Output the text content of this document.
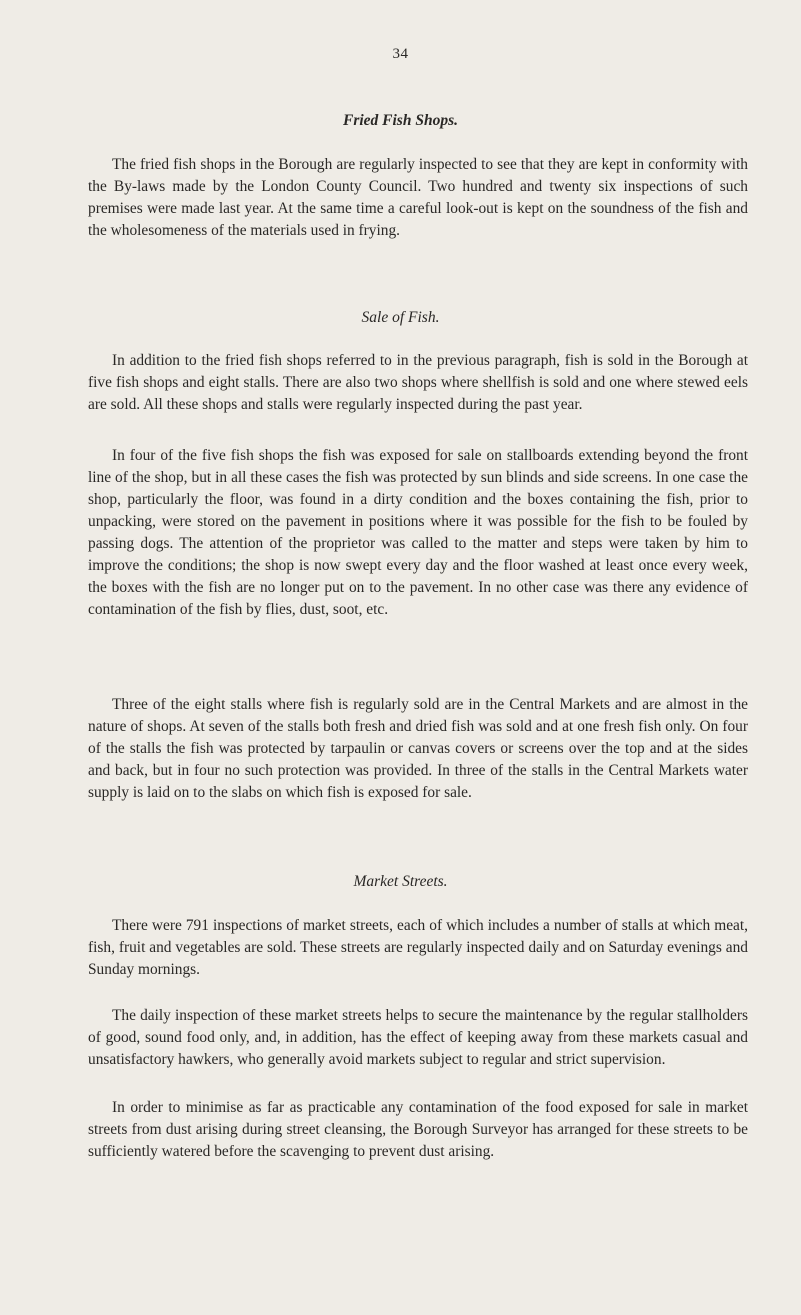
34
Fried Fish Shops.

The fried fish shops in the Borough are regularly inspected to see that they are kept in conformity with the By-laws made by the London County Council. Two hundred and twenty six inspections of such premises were made last year. At the same time a careful look-out is kept on the soundness of the fish and the wholesomeness of the materials used in frying.

Sale of Fish.

In addition to the fried fish shops referred to in the previous paragraph, fish is sold in the Borough at five fish shops and eight stalls. There are also two shops where shellfish is sold and one where stewed eels are sold. All these shops and stalls were regularly inspected during the past year.

In four of the five fish shops the fish was exposed for sale on stallboards extending beyond the front line of the shop, but in all these cases the fish was protected by sun blinds and side screens. In one case the shop, particularly the floor, was found in a dirty condition and the boxes containing the fish, prior to unpacking, were stored on the pavement in positions where it was possible for the fish to be fouled by passing dogs. The attention of the proprietor was called to the matter and steps were taken by him to improve the conditions; the shop is now swept every day and the floor washed at least once every week, the boxes with the fish are no longer put on to the pavement. In no other case was there any evidence of contamination of the fish by flies, dust, soot, etc.

Three of the eight stalls where fish is regularly sold are in the Central Markets and are almost in the nature of shops. At seven of the stalls both fresh and dried fish was sold and at one fresh fish only. On four of the stalls the fish was protected by tarpaulin or canvas covers or screens over the top and at the sides and back, but in four no such protection was provided. In three of the stalls in the Central Markets water supply is laid on to the slabs on which fish is exposed for sale.

Market Streets.

There were 791 inspections of market streets, each of which includes a number of stalls at which meat, fish, fruit and vegetables are sold. These streets are regularly inspected daily and on Saturday evenings and Sunday mornings.

The daily inspection of these market streets helps to secure the maintenance by the regular stallholders of good, sound food only, and, in addition, has the effect of keeping away from these markets casual and unsatisfactory hawkers, who generally avoid markets subject to regular and strict supervision.

In order to minimise as far as practicable any contamination of the food exposed for sale in market streets from dust arising during street cleansing, the Borough Surveyor has arranged for these streets to be sufficiently watered before the scavenging to prevent dust arising.
